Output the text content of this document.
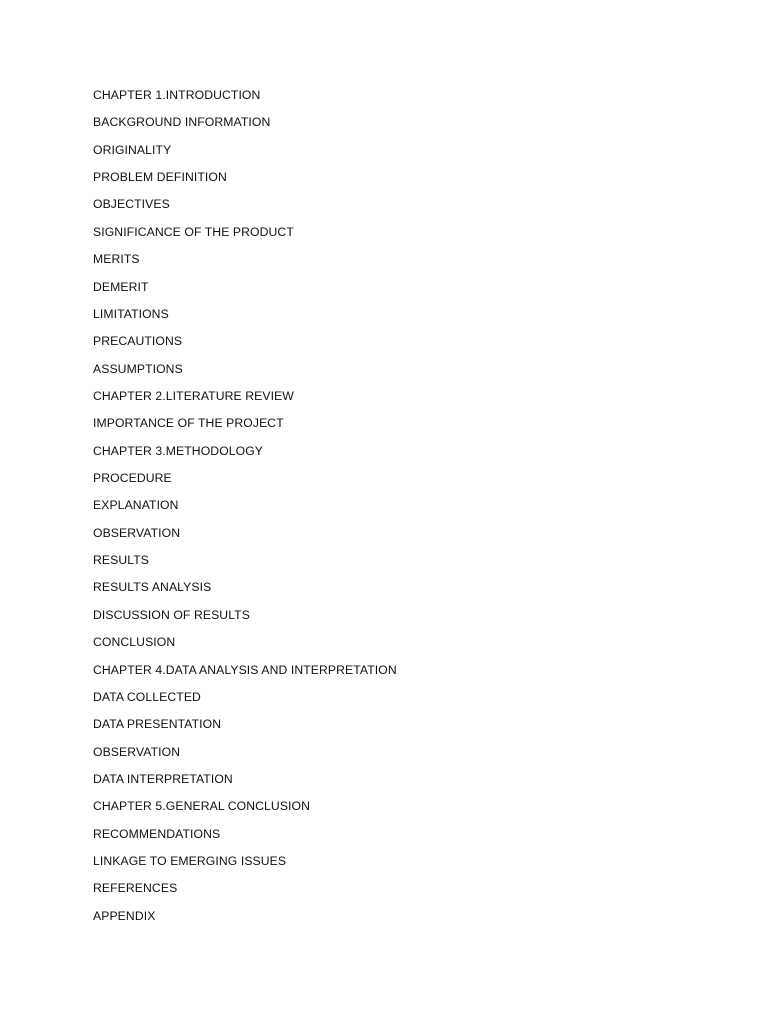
CHAPTER 1.INTRODUCTION
BACKGROUND INFORMATION
ORIGINALITY
PROBLEM DEFINITION
OBJECTIVES
SIGNIFICANCE OF THE PRODUCT
MERITS
DEMERIT
LIMITATIONS
PRECAUTIONS
ASSUMPTIONS
CHAPTER 2.LITERATURE REVIEW
IMPORTANCE OF THE PROJECT
CHAPTER 3.METHODOLOGY
PROCEDURE
EXPLANATION
OBSERVATION
RESULTS
RESULTS ANALYSIS
DISCUSSION OF RESULTS
CONCLUSION
CHAPTER 4.DATA ANALYSIS AND INTERPRETATION
DATA COLLECTED
DATA PRESENTATION
OBSERVATION
DATA INTERPRETATION
CHAPTER 5.GENERAL CONCLUSION
RECOMMENDATIONS
LINKAGE TO EMERGING ISSUES
REFERENCES
APPENDIX
